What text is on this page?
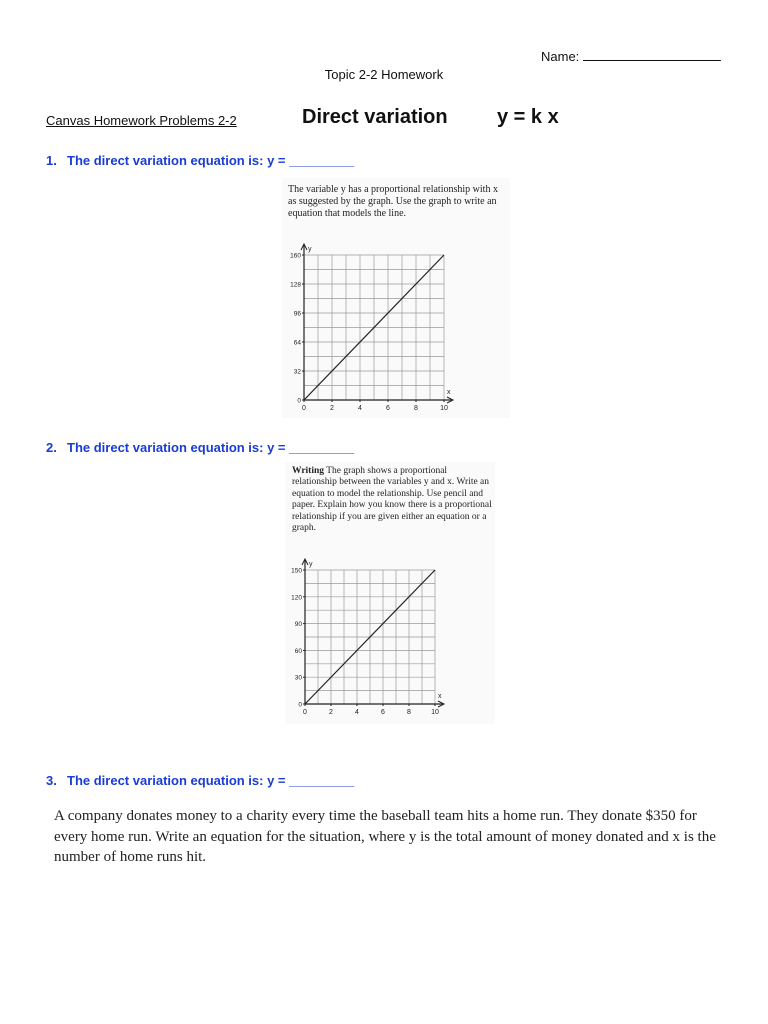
Name:
Topic 2-2 Homework
Canvas Homework Problems 2-2	Direct variation y = k x
1. The direct variation equation is: y = _________
The variable y has a proportional relationship with x as suggested by the graph. Use the graph to write an equation that models the line.
y
x
0	2	4	6	8	10
0
32
64
96
128
160
2. The direct variation equation is: y = _________
Writing The graph shows a proportional relationship between the variables y and x. Write an equation to model the relationship. Use pencil and paper. Explain how you know there is a proportional relationship if you are given either an equation or a graph.
y
x
0	2	4	6	8	10
0
30
60
90
120
150
3. The direct variation equation is: y = _________
A company donates money to a charity every time the baseball team hits a home run. They donate $350 for every home run. Write an equation for the situation, where y is the total amount of money donated and x is the number of home runs hit.
